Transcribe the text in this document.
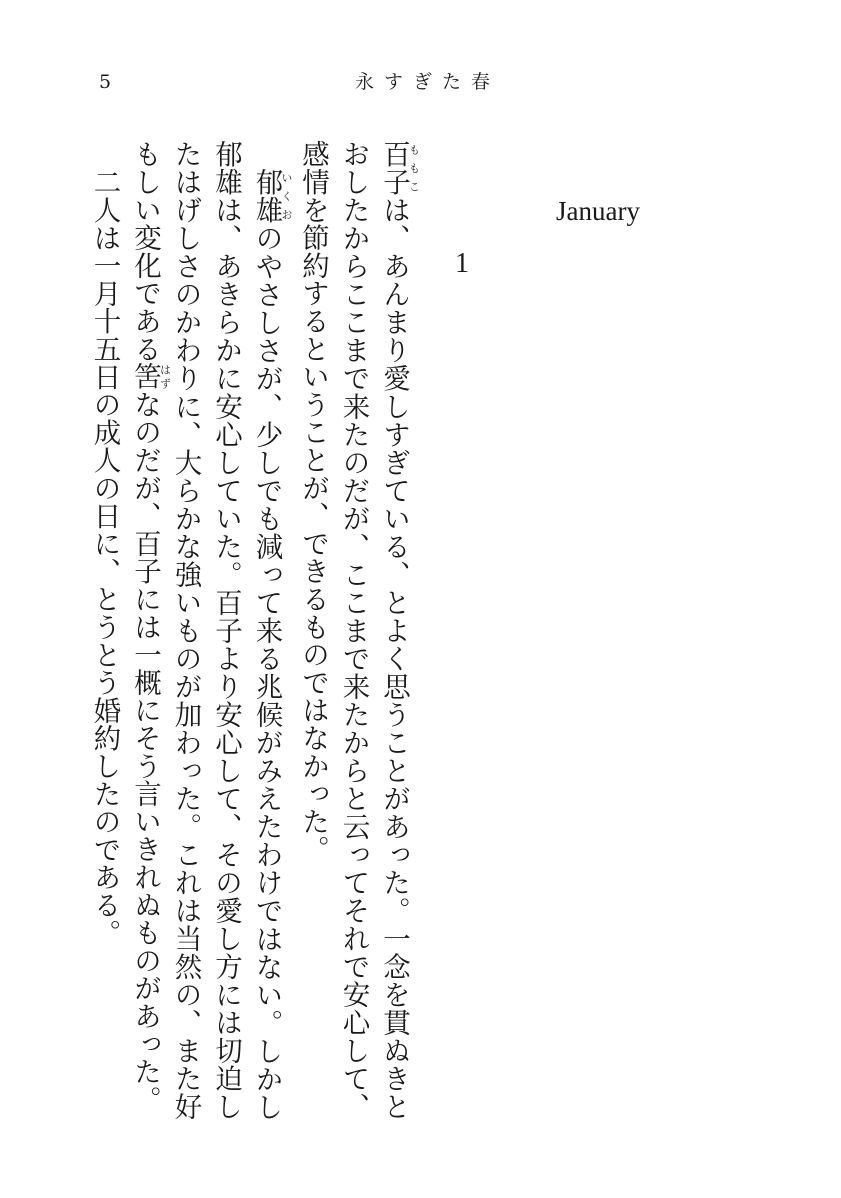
5	永すぎた春
January
1

百子ももこは、あんまり愛しすぎている、とよく思うことがあった。一念を貫ぬきとおしたからここまで来たのだが、ここまで来たからと云ってそれで安心して、感情を節約するということが、できるものではなかった。

郁雄いくおのやさしさが、少しでも減って来る兆候がみえたわけではない。しかし郁雄は、あきらかに安心していた。百子より安心して、その愛し方には切迫したはげしさのかわりに、大らかな強いものが加わった。これは当然の、また好もしい変化である筈はずなのだが、百子には一概にそう言いきれぬものがあった。

二人は一月十五日の成人の日に、とうとう婚約したのである。
